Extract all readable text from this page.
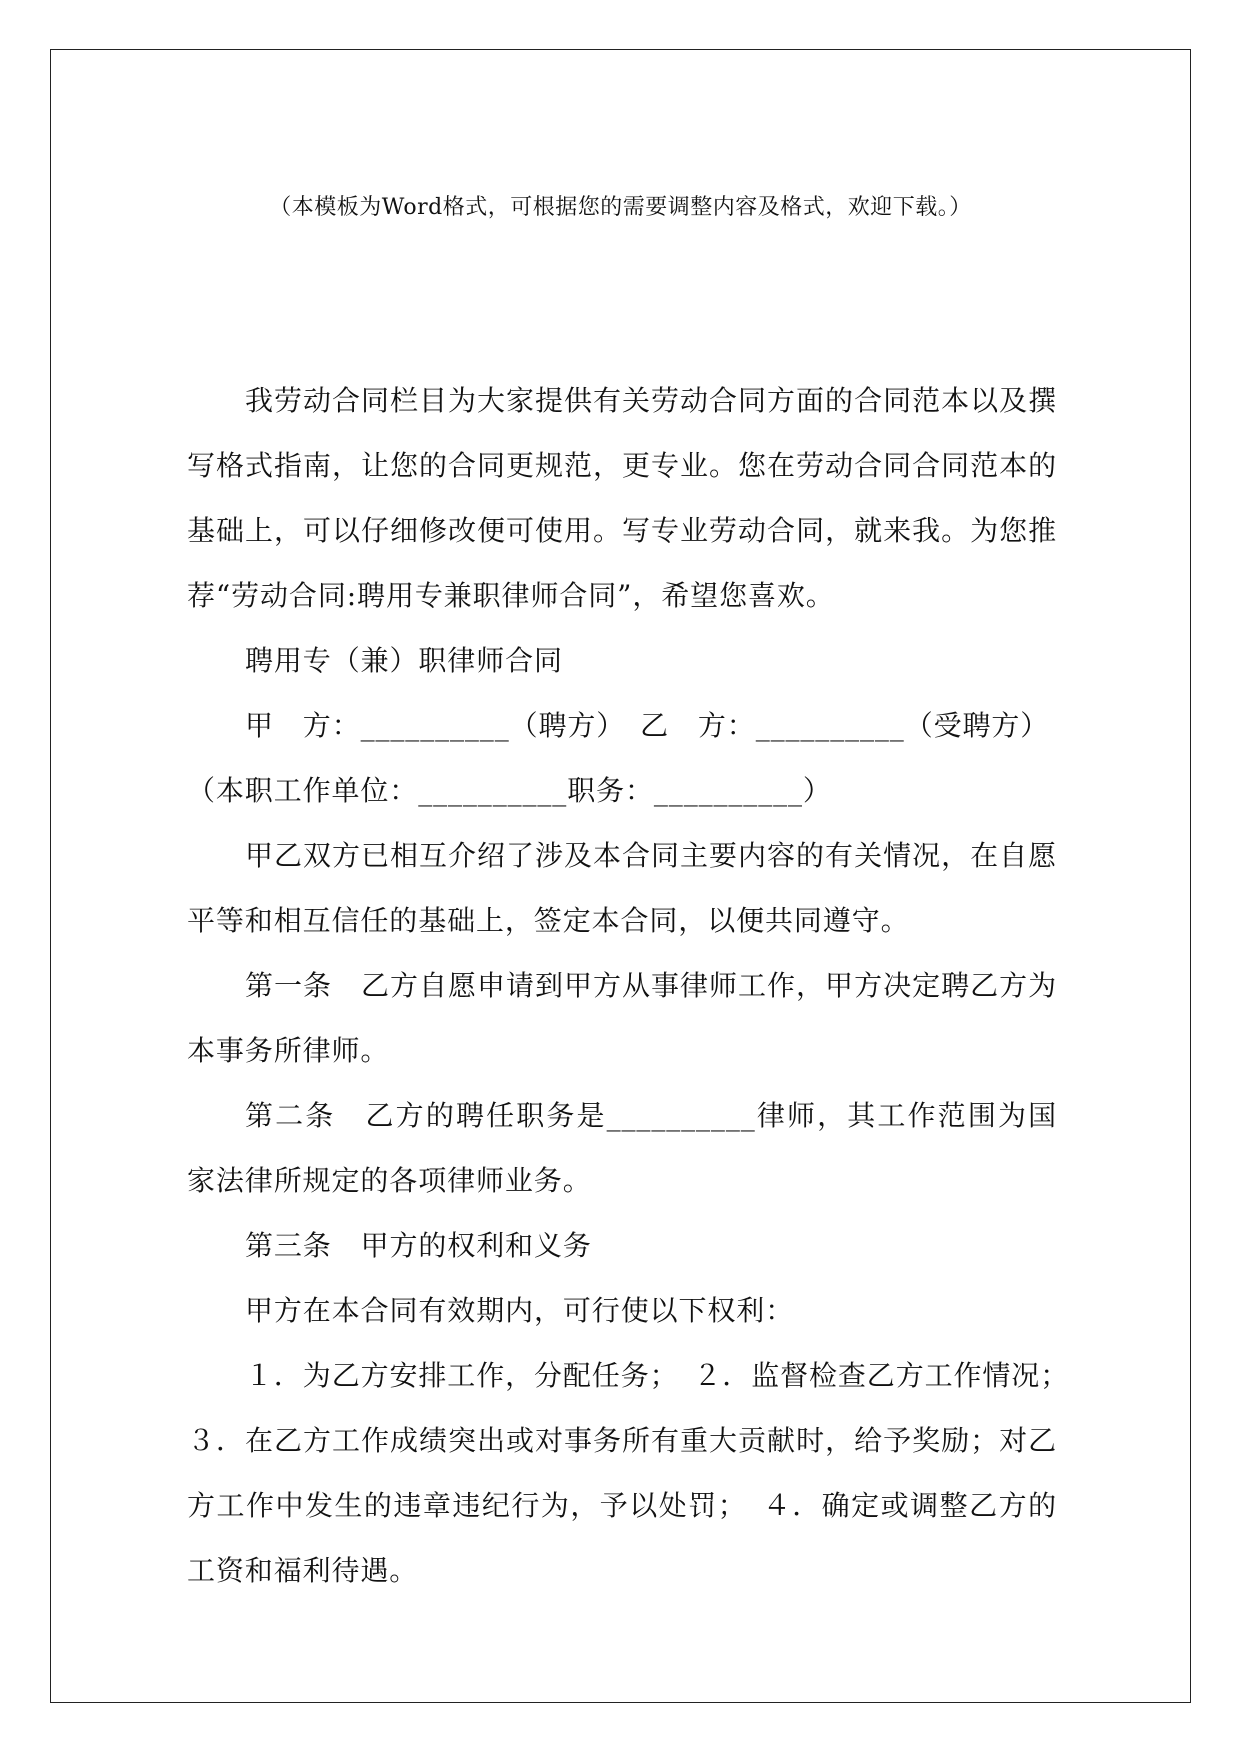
（本模板为Word格式，可根据您的需要调整内容及格式，欢迎下载。）

我劳动合同栏目为大家提供有关劳动合同方面的合同范本以及撰写格式指南，让您的合同更规范，更专业。您在劳动合同合同范本的基础上，可以仔细修改便可使用。写专业劳动合同，就来我。为您推荐“劳动合同:聘用专兼职律师合同”，希望您喜欢。

聘用专（兼）职律师合同

甲　方：__________（聘方）　乙　方：__________（受聘方）

（本职工作单位：__________职务：__________）

甲乙双方已相互介绍了涉及本合同主要内容的有关情况，在自愿平等和相互信任的基础上，签定本合同，以便共同遵守。

第一条　乙方自愿申请到甲方从事律师工作，甲方决定聘乙方为本事务所律师。

第二条　乙方的聘任职务是__________律师，其工作范围为国家法律所规定的各项律师业务。

第三条　甲方的权利和义务

甲方在本合同有效期内，可行使以下权利：

１．为乙方安排工作，分配任务；　２．监督检查乙方工作情况；

３．在乙方工作成绩突出或对事务所有重大贡献时，给予奖励；对乙方工作中发生的违章违纪行为，予以处罚；　４．确定或调整乙方的工资和福利待遇。
